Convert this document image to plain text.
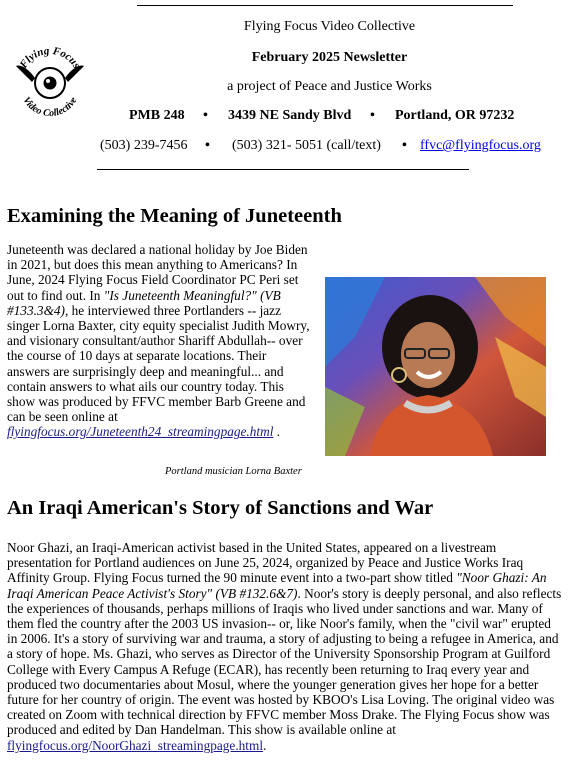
Flying Focus
Video Collective
Flying Focus Video Collective
February 2025 Newsletter
a project of Peace and Justice Works
PMB 248 • 3439 NE Sandy Blvd • Portland, OR 97232
(503) 239-7456 • (503) 321- 5051 (call/text) • ffvc@flyingfocus.org
Examining the Meaning of Juneteenth
Juneteenth was declared a national holiday by Joe Biden in 2021, but does this mean anything to Americans? In June, 2024 Flying Focus Field Coordinator PC Peri set out to find out. In "Is Juneteenth Meaningful?" (VB #133.3&4), he interviewed three Portlanders -- jazz singer Lorna Baxter, city equity specialist Judith Mowry, and visionary consultant/author Shariff Abdullah-- over the course of 10 days at separate locations. Their answers are surprisingly deep and meaningful... and contain answers to what ails our country today. This show was produced by FFVC member Barb Greene and can be seen online at flyingfocus.org/Juneteenth24_streamingpage.html .
Portland musician Lorna Baxter
An Iraqi American's Story of Sanctions and War
Noor Ghazi, an Iraqi-American activist based in the United States, appeared on a livestream presentation for Portland audiences on June 25, 2024, organized by Peace and Justice Works Iraq Affinity Group. Flying Focus turned the 90 minute event into a two-part show titled "Noor Ghazi: An Iraqi American Peace Activist's Story" (VB #132.6&7). Noor's story is deeply personal, and also reflects the experiences of thousands, perhaps millions of Iraqis who lived under sanctions and war. Many of them fled the country after the 2003 US invasion-- or, like Noor's family, when the "civil war" erupted in 2006. It's a story of surviving war and trauma, a story of adjusting to being a refugee in America, and a story of hope. Ms. Ghazi, who serves as Director of the University Sponsorship Program at Guilford College with Every Campus A Refuge (ECAR), has recently been returning to Iraq every year and produced two documentaries about Mosul, where the younger generation gives her hope for a better future for her country of origin. The event was hosted by KBOO's Lisa Loving. The original video was created on Zoom with technical direction by FFVC member Moss Drake. The Flying Focus show was produced and edited by Dan Handelman. This show is available online at flyingfocus.org/NoorGhazi_streamingpage.html.
